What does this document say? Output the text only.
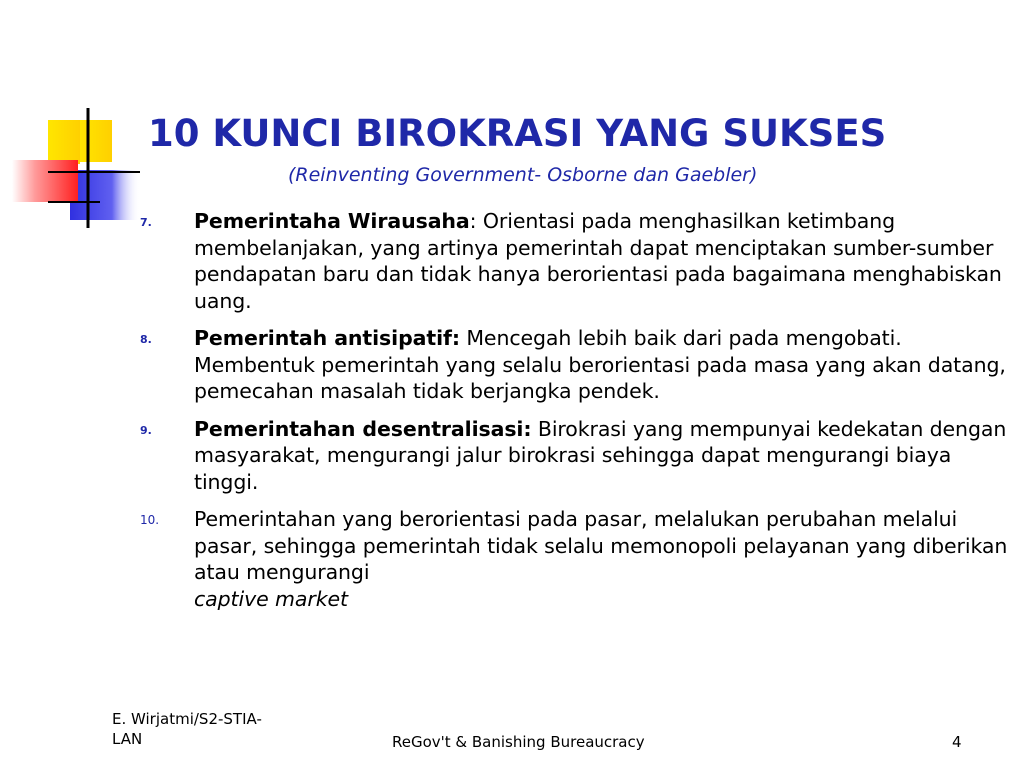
10 KUNCI BIROKRASI YANG SUKSES
(Reinventing Government- Osborne dan Gaebler)
7. Pemerintaha Wirausaha: Orientasi pada menghasilkan ketimbang membelanjakan, yang artinya pemerintah dapat menciptakan sumber-sumber pendapatan baru dan tidak hanya berorientasi pada bagaimana menghabiskan uang.
8. Pemerintah antisipatif: Mencegah lebih baik dari pada mengobati. Membentuk pemerintah yang selalu berorientasi pada masa yang akan datang, pemecahan masalah tidak berjangka pendek.
9. Pemerintahan desentralisasi: Birokrasi yang mempunyai kedekatan dengan masyarakat, mengurangi jalur birokrasi sehingga dapat mengurangi biaya tinggi.
10. Pemerintahan yang berorientasi pada pasar, melalukan perubahan melalui pasar, sehingga pemerintah tidak selalu memonopoli pelayanan yang diberikan atau mengurangi
captive market
E. Wirjatmi/S2-STIA-
LAN	ReGov't & Banishing Bureaucracy	4
